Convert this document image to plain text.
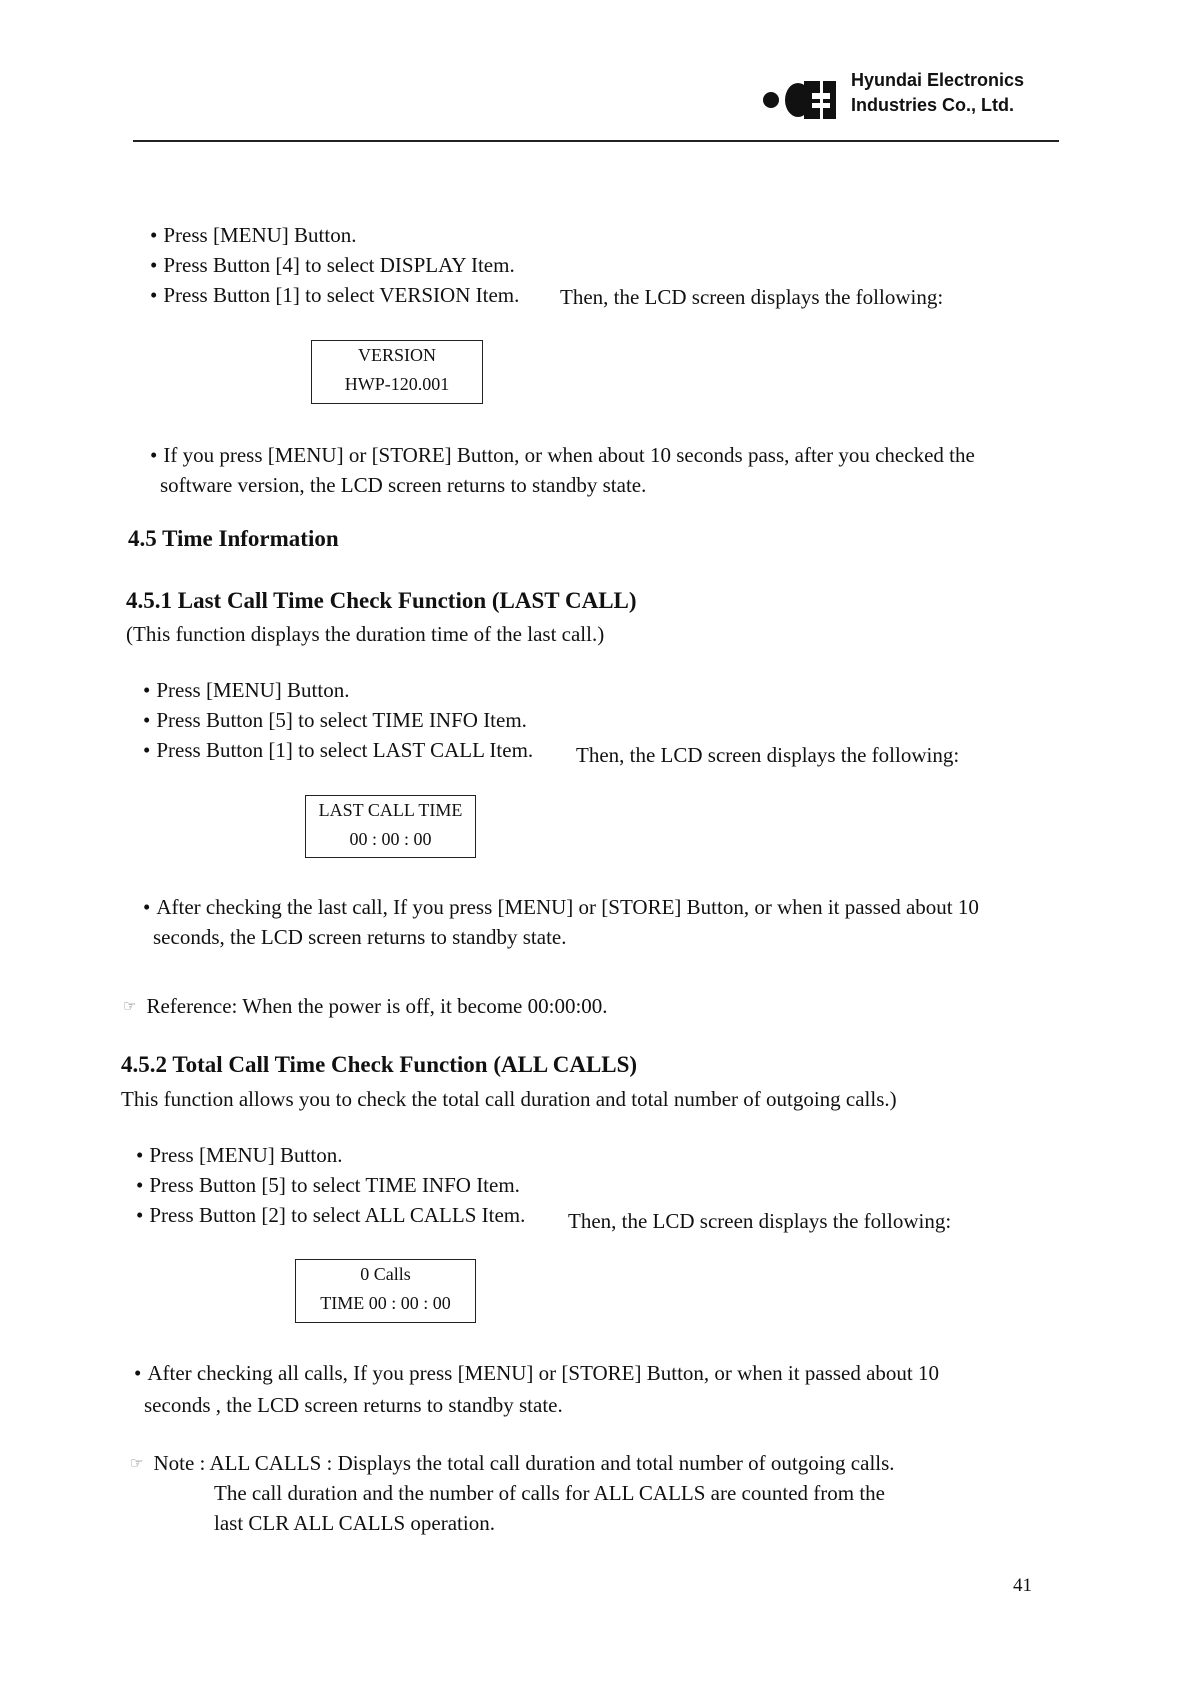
Hyundai Electronics
Industries Co., Ltd.
• Press [MENU] Button.
• Press Button [4] to select DISPLAY Item.
• Press Button [1] to select VERSION Item. Then, the LCD screen displays the following:
VERSION
HWP-120.001
• If you press [MENU] or [STORE] Button, or when about 10 seconds pass, after you checked the
software version, the LCD screen returns to standby state.
4.5 Time Information
4.5.1 Last Call Time Check Function (LAST CALL)
(This function displays the duration time of the last call.)
• Press [MENU] Button.
• Press Button [5] to select TIME INFO Item.
• Press Button [1] to select LAST CALL Item. Then, the LCD screen displays the following:
LAST CALL TIME
00 : 00 : 00
• After checking the last call, If you press [MENU] or [STORE] Button, or when it passed about 10
seconds, the LCD screen returns to standby state.
☞ Reference: When the power is off, it become 00:00:00.
4.5.2 Total Call Time Check Function (ALL CALLS)
This function allows you to check the total call duration and total number of outgoing calls.)
• Press [MENU] Button.
• Press Button [5] to select TIME INFO Item.
• Press Button [2] to select ALL CALLS Item. Then, the LCD screen displays the following:
0 Calls
TIME 00 : 00 : 00
• After checking all calls, If you press [MENU] or [STORE] Button, or when it passed about 10
seconds , the LCD screen returns to standby state.
☞ Note : ALL CALLS : Displays the total call duration and total number of outgoing calls.
The call duration and the number of calls for ALL CALLS are counted from the
last CLR ALL CALLS operation.
41
